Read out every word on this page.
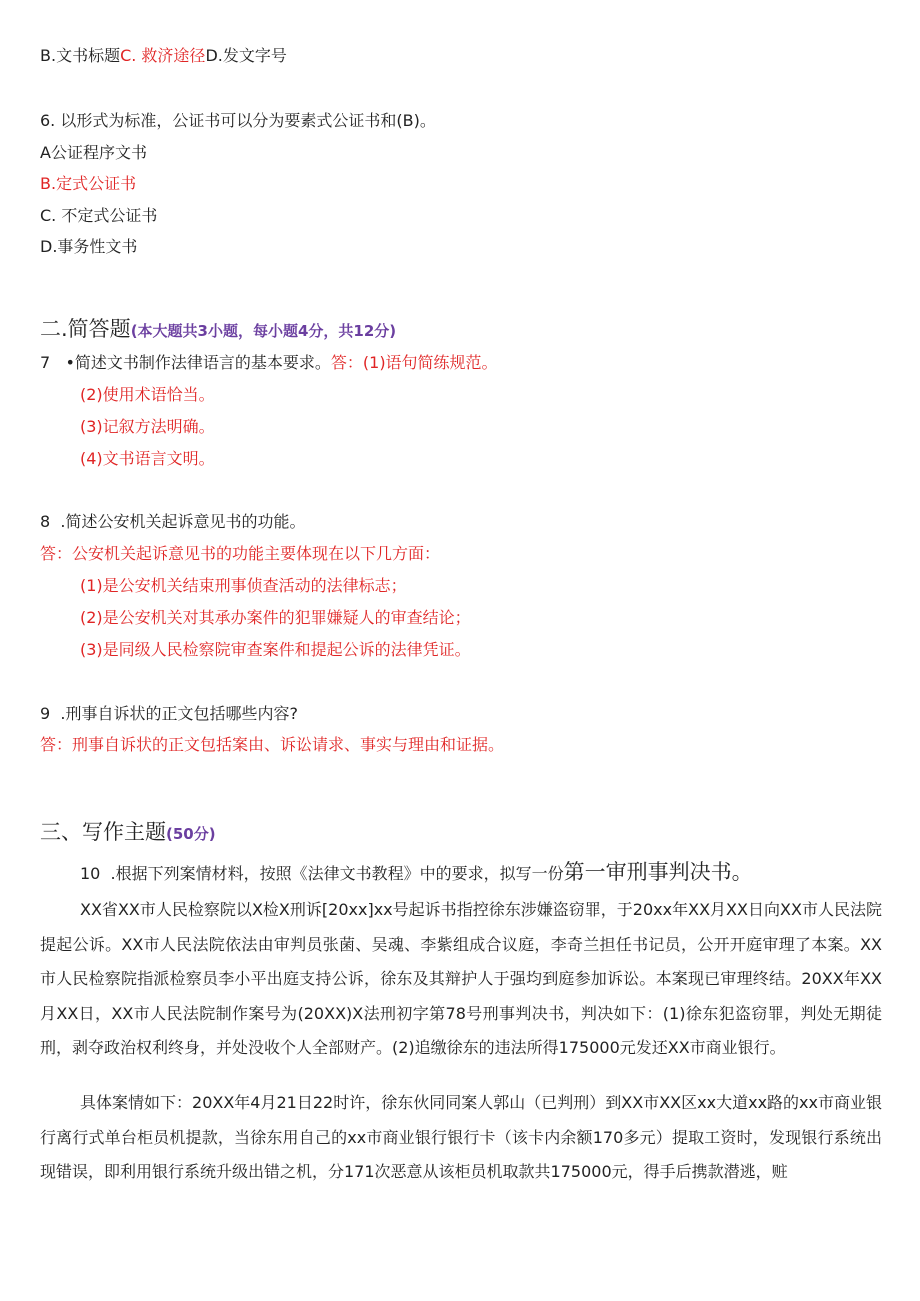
B.文书标题C. 救济途径D.发文字号
6. 以形式为标准，公证书可以分为要素式公证书和(B)。
A公证程序文书
B.定式公证书
C. 不定式公证书
D.事务性文书
二.简答题(本大题共3小题，每小题4分，共12分)
7   •简述文书制作法律语言的基本要求。答：(1)语句简练规范。
(2)使用术语恰当。
(3)记叙方法明确。
(4)文书语言文明。
8  .简述公安机关起诉意见书的功能。
答：公安机关起诉意见书的功能主要体现在以下几方面：
(1)是公安机关结束刑事侦查活动的法律标志；
(2)是公安机关对其承办案件的犯罪嫌疑人的审查结论；
(3)是同级人民检察院审查案件和提起公诉的法律凭证。
9  .刑事自诉状的正文包括哪些内容?
答：刑事自诉状的正文包括案由、诉讼请求、事实与理由和证据。
三、写作主题(50分)
10  .根据下列案情材料，按照《法律文书教程》中的要求，拟写一份第一审刑事判决书。
XX省XX市人民检察院以X检X刑诉[20xx]xx号起诉书指控徐东涉嫌盗窃罪，于20xx年XX月XX日向XX市人民法院提起公诉。XX市人民法院依法由审判员张菌、吴魂、李紫组成合议庭，李奇兰担任书记员，公开开庭审理了本案。XX市人民检察院指派检察员李小平出庭支持公诉，徐东及其辩护人于强均到庭参加诉讼。本案现已审理终结。20XX年XX月XX日，XX市人民法院制作案号为(20XX)X法刑初字第78号刑事判决书，判决如下：(1)徐东犯盗窃罪，判处无期徒刑，剥夺政治权利终身，并处没收个人全部财产。(2)追缴徐东的违法所得175000元发还XX市商业银行。
具体案情如下：20XX年4月21日22时许，徐东伙同同案人郭山（已判刑）到XX市XX区xx大道xx路的xx市商业银行离行式单台柜员机提款，当徐东用自己的xx市商业银行银行卡（该卡内余额170多元）提取工资时，发现银行系统出现错误，即利用银行系统升级出错之机，分171次恶意从该柜员机取款共175000元，得手后携款潜逃，赃
